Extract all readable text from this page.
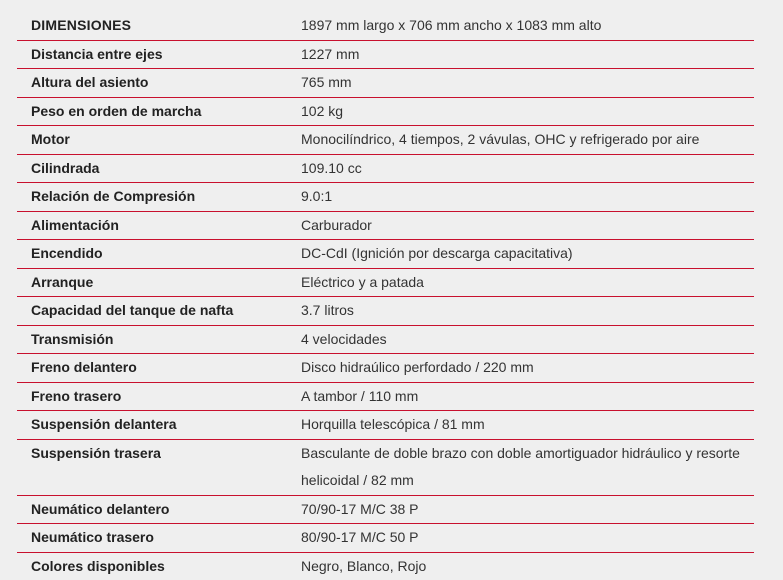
DIMENSIONES	1897 mm largo x 706 mm ancho x 1083 mm alto
Distancia entre ejes	1227 mm
Altura del asiento	765 mm
Peso en orden de marcha	102 kg
Motor	Monocilíndrico, 4 tiempos, 2 vávulas, OHC y refrigerado por aire
Cilindrada	109.10 cc
Relación de Compresión	9.0:1
Alimentación	Carburador
Encendido	DC-CdI (Ignición por descarga capacitativa)
Arranque	Eléctrico y a patada
Capacidad del tanque de nafta	3.7 litros
Transmisión	4 velocidades
Freno delantero	Disco hidraúlico perfordado / 220 mm
Freno trasero	A tambor / 110 mm
Suspensión delantera	Horquilla telescópica / 81 mm
Suspensión trasera	Basculante de doble brazo con doble amortiguador hidráulico y resorte helicoidal / 82 mm
Neumático delantero	70/90-17 M/C 38 P
Neumático trasero	80/90-17 M/C 50 P
Colores disponibles	Negro, Blanco, Rojo
